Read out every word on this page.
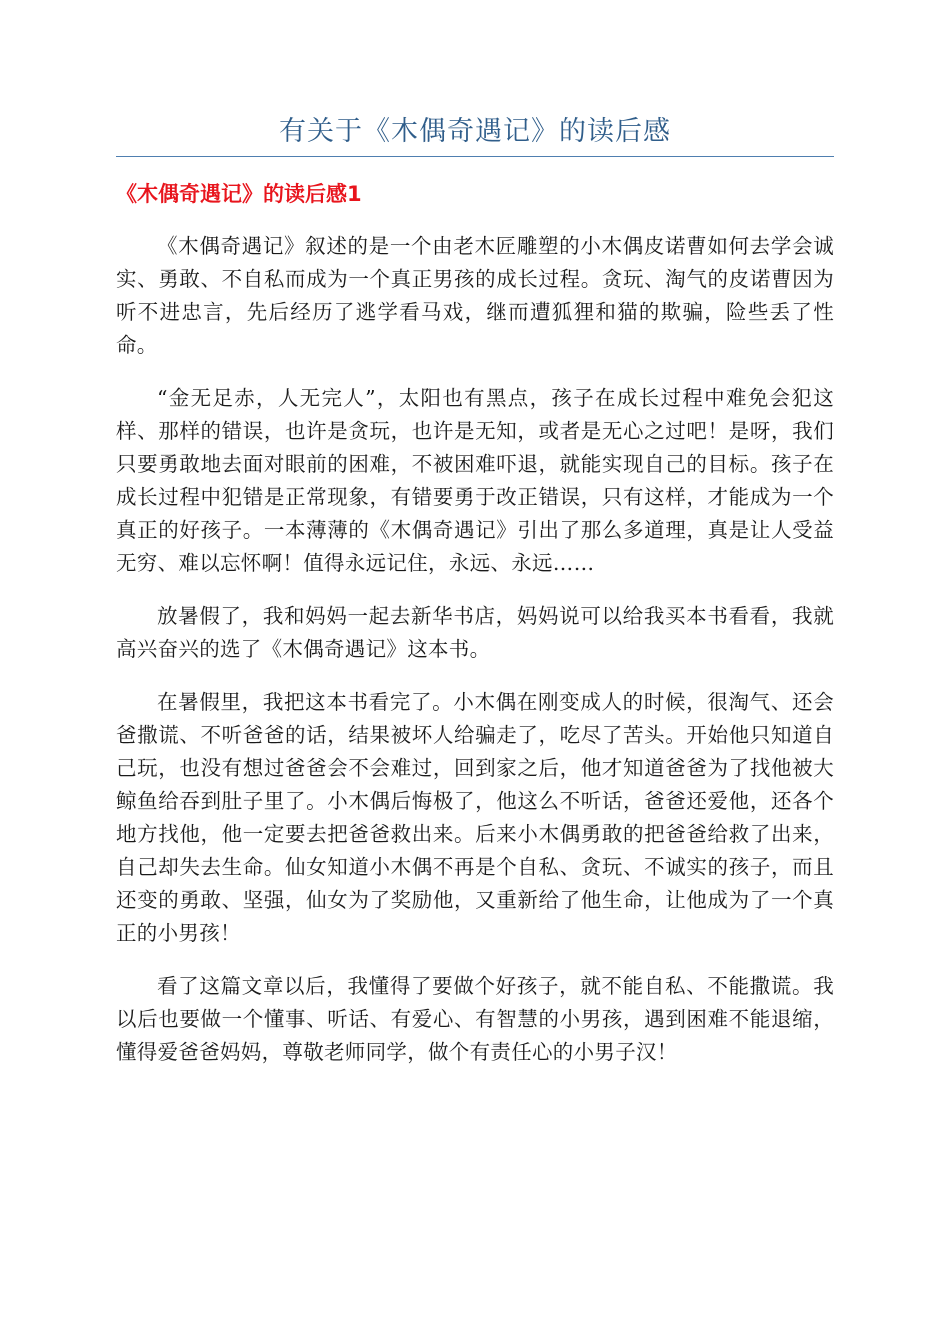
有关于《木偶奇遇记》的读后感
《木偶奇遇记》的读后感1

《木偶奇遇记》叙述的是一个由老木匠雕塑的小木偶皮诺曹如何去学会诚实、勇敢、不自私而成为一个真正男孩的成长过程。贪玩、淘气的皮诺曹因为听不进忠言，先后经历了逃学看马戏，继而遭狐狸和猫的欺骗，险些丢了性命。

“金无足赤，人无完人”，太阳也有黑点，孩子在成长过程中难免会犯这样、那样的错误，也许是贪玩，也许是无知，或者是无心之过吧！是呀，我们只要勇敢地去面对眼前的困难，不被困难吓退，就能实现自己的目标。孩子在成长过程中犯错是正常现象，有错要勇于改正错误，只有这样，才能成为一个真正的好孩子。一本薄薄的《木偶奇遇记》引出了那么多道理，真是让人受益无穷、难以忘怀啊！值得永远记住，永远、永远……

放暑假了，我和妈妈一起去新华书店，妈妈说可以给我买本书看看，我就高兴奋兴的选了《木偶奇遇记》这本书。

在暑假里，我把这本书看完了。小木偶在刚变成人的时候，很淘气、还会爸撒谎、不听爸爸的话，结果被坏人给骗走了，吃尽了苦头。开始他只知道自己玩，也没有想过爸爸会不会难过，回到家之后，他才知道爸爸为了找他被大鲸鱼给吞到肚子里了。小木偶后悔极了，他这么不听话，爸爸还爱他，还各个地方找他，他一定要去把爸爸救出来。后来小木偶勇敢的把爸爸给救了出来，自己却失去生命。仙女知道小木偶不再是个自私、贪玩、不诚实的孩子，而且还变的勇敢、坚强，仙女为了奖励他，又重新给了他生命，让他成为了一个真正的小男孩！

看了这篇文章以后，我懂得了要做个好孩子，就不能自私、不能撒谎。我以后也要做一个懂事、听话、有爱心、有智慧的小男孩，遇到困难不能退缩，懂得爱爸爸妈妈，尊敬老师同学，做个有责任心的小男子汉！
